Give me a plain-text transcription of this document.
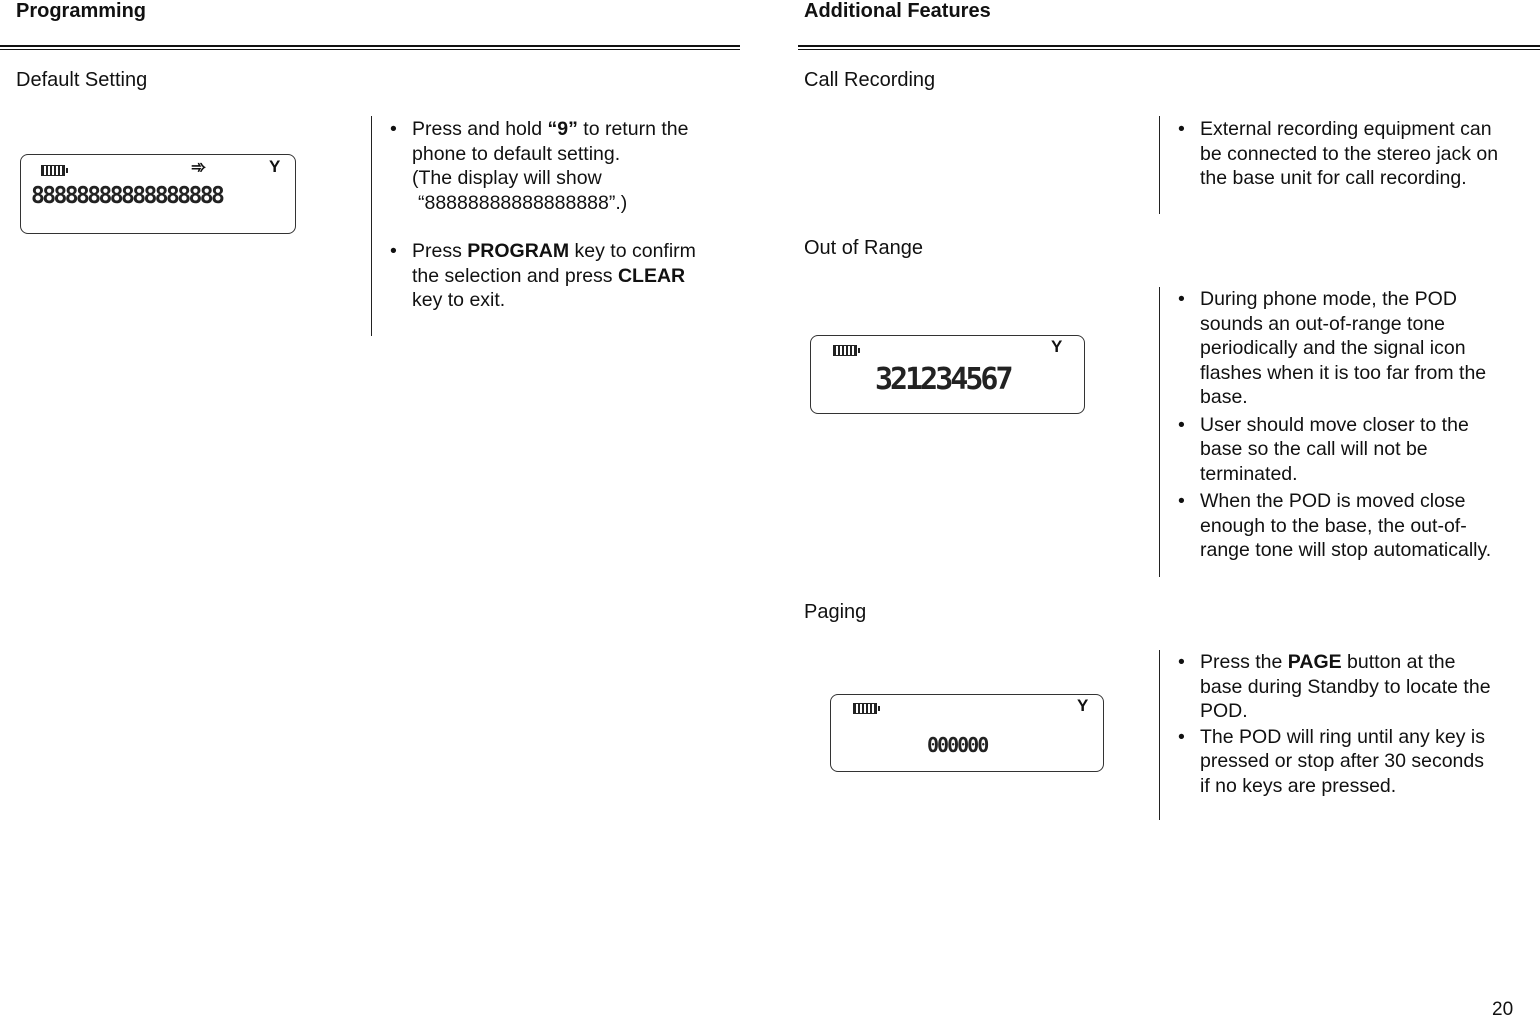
Programming
Default Setting
➾	Υ
88888888888888888
• Press and hold “9” to return the
phone to default setting.
(The display will show
“88888888888888888”.)
• Press PROGRAM key to confirm
the selection and press CLEAR
key to exit.
Additional Features
Call Recording
• External recording equipment can
be connected to the stereo jack on
the base unit for call recording.
Out of Range
Υ
321234567
• During phone mode, the POD
sounds an out-of-range tone
periodically and the signal icon
flashes when it is too far from the
base.
• User should move closer to the
base so the call will not be
terminated.
• When the POD is moved close
enough to the base, the out-of-
range tone will stop automatically.
Paging
Υ
000000
• Press the PAGE button at the
base during Standby to locate the
POD.
• The POD will ring until any key is
pressed or stop after 30 seconds
if no keys are pressed.
20
